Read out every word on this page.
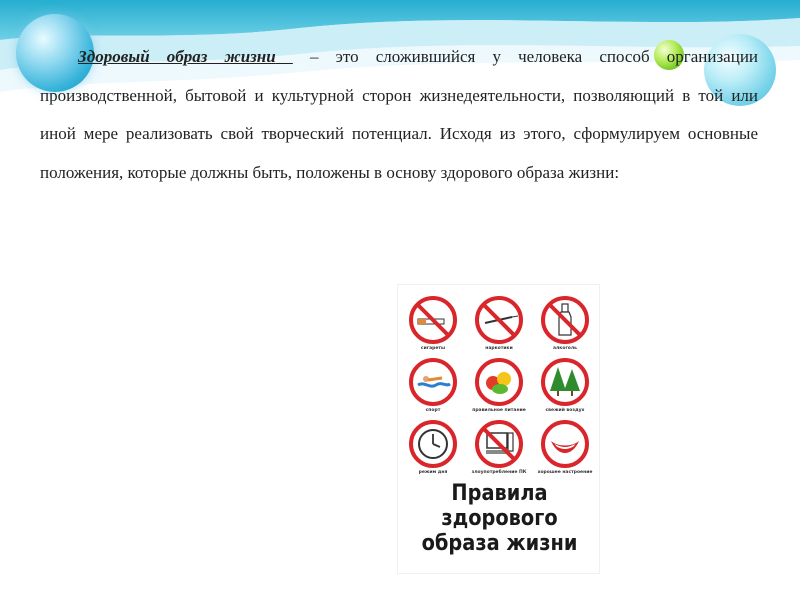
Здоровый образ жизни – это сложившийся у человека способ организации производственной, бытовой и культурной сторон жизнедеятельности, позволяющий в той или иной мере реализовать свой творческий потенциал. Исходя из этого, сформулируем основные положения, которые должны быть, положены в основу здорового образа жизни:

сигареты	наркотики	алкоголь
спорт	правильное питание	свежий воздух
режим дня	злоупотребление ПК	хорошее настроение
Правила
здорового
образа жизни
